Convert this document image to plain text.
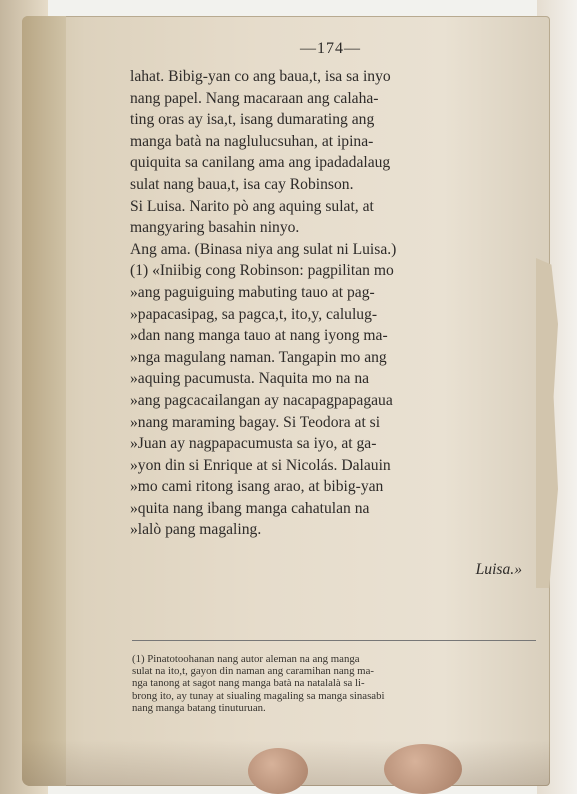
—174—
lahat. Bibig-yan co ang baua,t, isa sa inyo
nang papel. Nang macaraan ang calaha-
ting oras ay isa,t, isang dumarating ang
manga batà na naglulucsuhan, at ipina-
quiquita sa canilang ama ang ipadadalaug
sulat nang baua,t, isa cay Robinson.
Si Luisa. Narito pò ang aquing sulat, at
mangyaring basahin ninyo.
Ang ama. (Binasa niya ang sulat ni Luisa.)
(1) «Iniibig cong Robinson: pagpilitan mo
»ang paguiguing mabuting tauo at pag-
»papacasipag, sa pagca,t, ito,y, calulug-
»dan nang manga tauo at nang iyong ma-
»nga magulang naman. Tangapin mo ang
»aquing pacumusta. Naquita mo na na
»ang pagcacailangan ay nacapagpapagaua
»nang maraming bagay. Si Teodora at si
»Juan ay nagpapacumusta sa iyo, at ga-
»yon din si Enrique at si Nicolás. Dalauin
»mo cami ritong isang arao, at bibig-yan
»quita nang ibang manga cahatulan na
»lalò pang magaling.
Luisa.»
(1) Pinatotoohanan nang autor aleman na ang manga
sulat na ito,t, gayon din naman ang caramihan nang ma-
nga tanong at sagot nang manga batà na natalalà sa li-
brong ito, ay tunay at siualing magaling sa manga sinasabi
nang manga batang tinuturuan.
